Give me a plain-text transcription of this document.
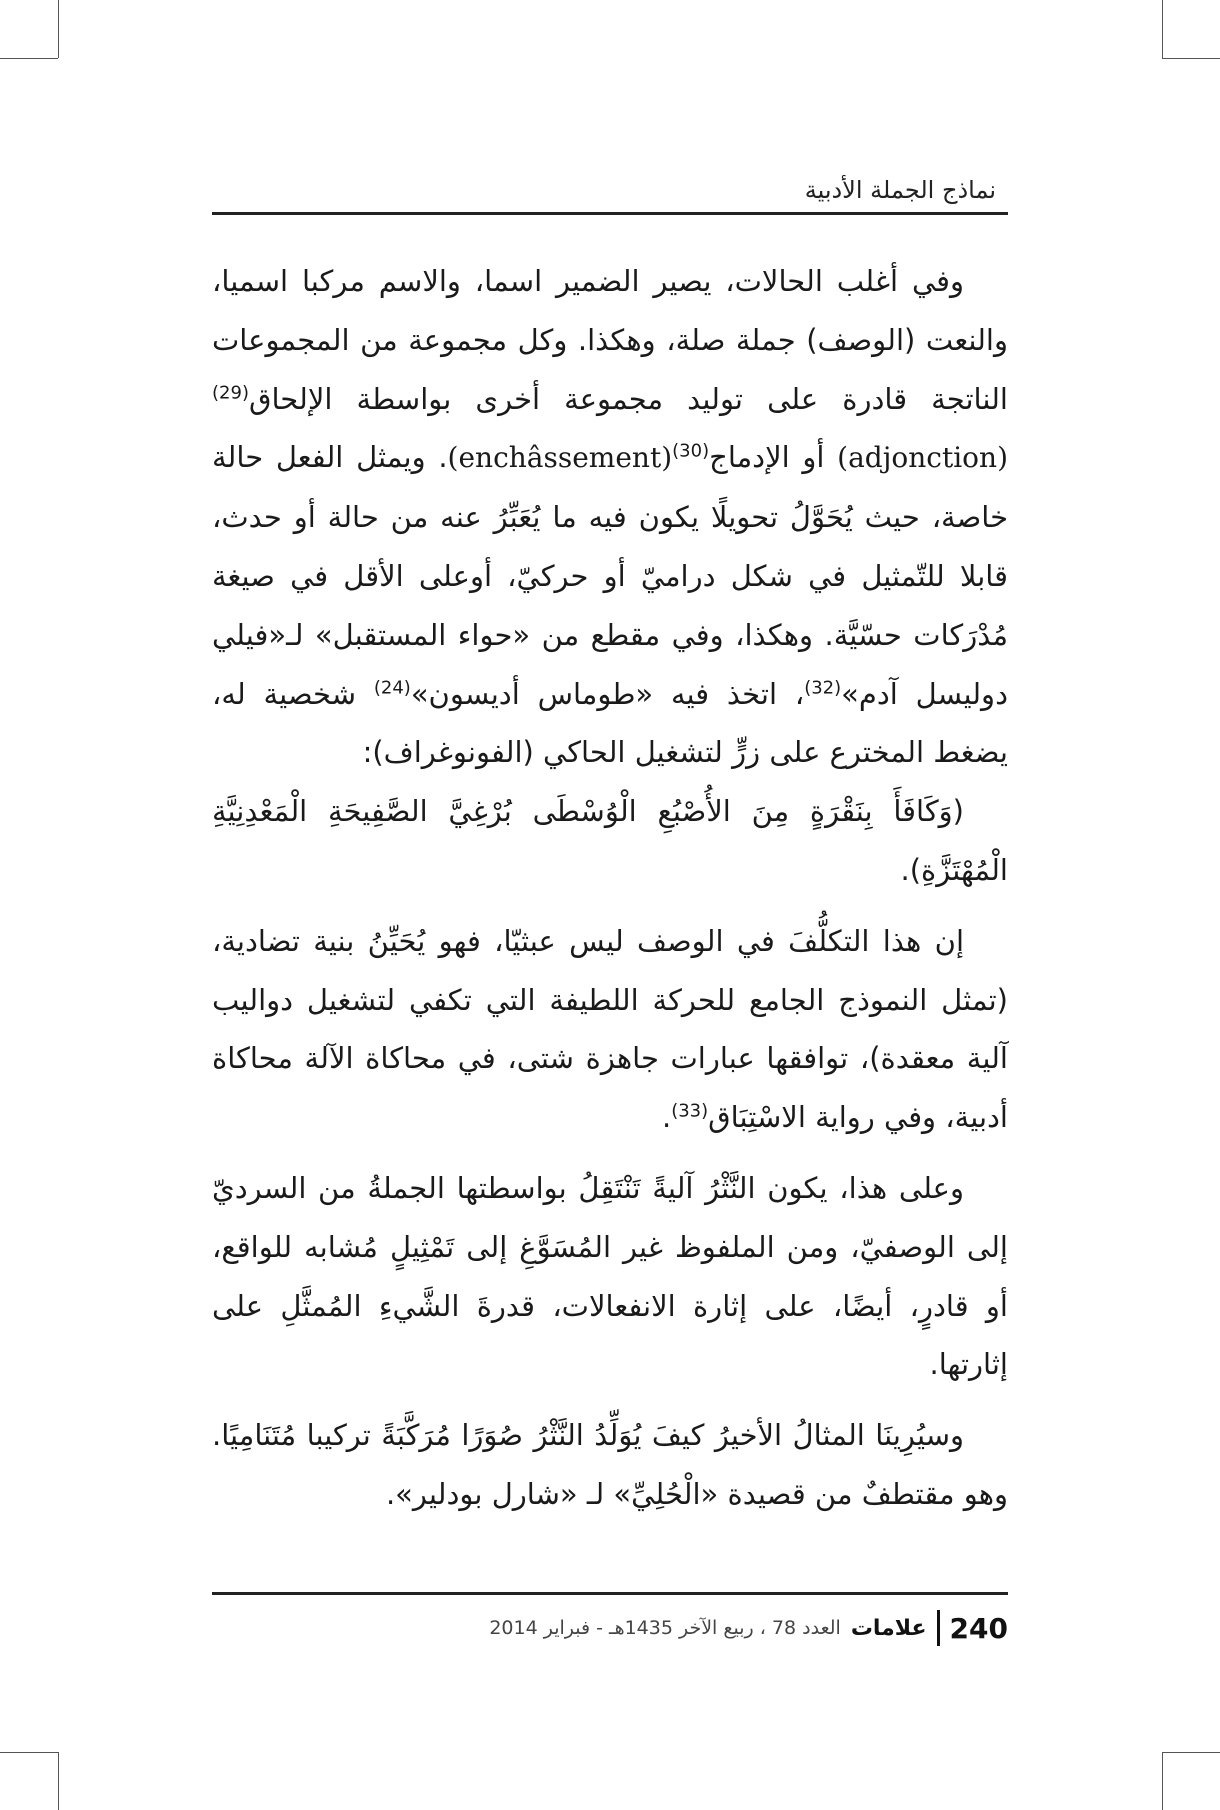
نماذج الجملة الأدبية

وفي أغلب الحالات، يصير الضمير اسما، والاسم مركبا اسميا، والنعت (الوصف) جملة صلة، وهكذا. وكل مجموعة من المجموعات الناتجة قادرة على توليد مجموعة أخرى بواسطة الإلحاق$^{(29)}$ (adjonction) أو الإدماج$^{(30)}$(enchâssement). ويمثل الفعل حالة خاصة، حيث يُحَوَّلُ تحويلًا يكون فيه ما يُعَبِّرُ عنه من حالة أو حدث، قابلا للتّمثيل في شكل دراميّ أو حركيّ، أوعلى الأقل في صيغة مُدْرَكات حسّيَّة. وهكذا، وفي مقطع من «حواء المستقبل» لـ«فيلي دوليسل آدم»$^{(32)}$، اتخذ فيه «طوماس أديسون»$^{(24)}$ شخصية له، يضغط المخترع على زرٍّ لتشغيل الحاكي (الفونوغراف):

(وَكَافَأَ بِنَقْرَةٍ مِنَ الأُصْبُعِ الْوُسْطَى بُرْغِيَّ الصَّفِيحَةِ الْمَعْدِنِيَّةِ الْمُهْتَزَّةِ).

إن هذا التكلُّفَ في الوصف ليس عبثيّا، فهو يُحَيِّنُ بنية تضادية، (تمثل النموذج الجامع للحركة اللطيفة التي تكفي لتشغيل دواليب آلية معقدة)، توافقها عبارات جاهزة شتى، في محاكاة الآلة محاكاة أدبية، وفي رواية الاسْتِبَاق$^{(33)}$.

وعلى هذا، يكون النَّثْرُ آليةً تَنْتَقِلُ بواسطتها الجملةُ من السرديّ إلى الوصفيّ، ومن الملفوظ غير المُسَوَّغِ إلى تَمْثِيلٍ مُشابه للواقع، أو قادرٍ، أيضًا، على إثارة الانفعالات، قدرةَ الشَّيءِ المُمثَّلِ على إثارتها.

وسيُرِينَا المثالُ الأخيرُ كيفَ يُوَلِّدُ النَّثْرُ صُوَرًا مُرَكَّبَةً تركيبا مُتَنَامِيًا. وهو مقتطفٌ من قصيدة «الْحُلِيِّ» لـ «شارل بودلير».

العدد 78 ، ربيع الآخر 1435هـ - فبراير 2014 علامات 240
